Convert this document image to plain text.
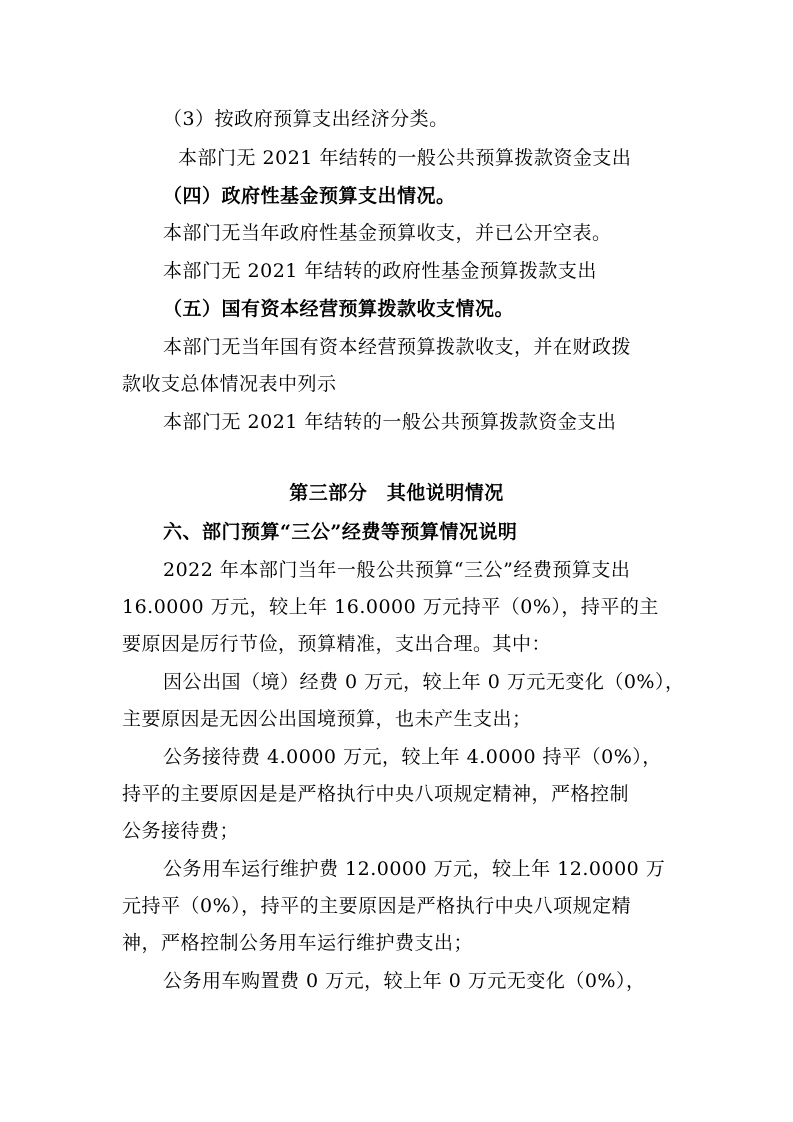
（3）按政府预算支出经济分类。
本部门无 2021 年结转的一般公共预算拨款资金支出
（四）政府性基金预算支出情况。
本部门无当年政府性基金预算收支，并已公开空表。
本部门无 2021 年结转的政府性基金预算拨款支出
（五）国有资本经营预算拨款收支情况。
本部门无当年国有资本经营预算拨款收支，并在财政拨
款收支总体情况表中列示
本部门无 2021 年结转的一般公共预算拨款资金支出
第三部分　其他说明情况
六、部门预算“三公”经费等预算情况说明
2022 年本部门当年一般公共预算“三公”经费预算支出
16.0000 万元，较上年 16.0000 万元持平（0%），持平的主
要原因是厉行节俭，预算精准，支出合理。其中：
因公出国（境）经费 0 万元，较上年 0 万元无变化（0%），
主要原因是无因公出国境预算，也未产生支出；
公务接待费 4.0000 万元，较上年 4.0000 持平（0%），
持平的主要原因是是严格执行中央八项规定精神，严格控制
公务接待费；
公务用车运行维护费 12.0000 万元，较上年 12.0000 万
元持平（0%），持平的主要原因是严格执行中央八项规定精
神，严格控制公务用车运行维护费支出；
公务用车购置费 0 万元，较上年 0 万元无变化（0%），
